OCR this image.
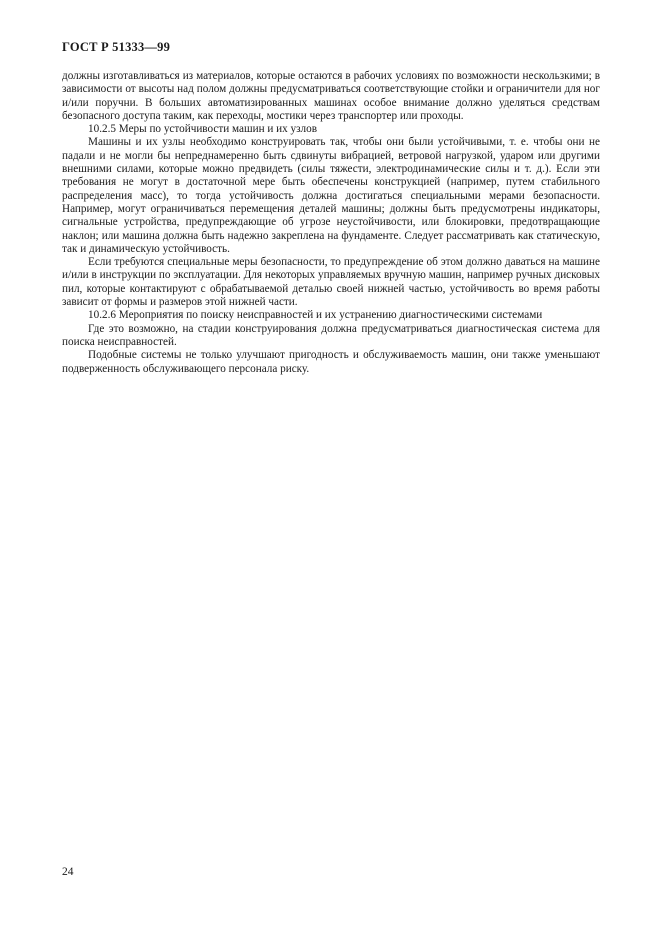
ГОСТ Р 51333—99

должны изготавливаться из материалов, которые остаются в рабочих условиях по возможности нескользкими; в зависимости от высоты над полом должны предусматриваться соответствующие стойки и ограничители для ног и/или поручни. В больших автоматизированных машинах особое внимание должно уделяться средствам безопасного доступа таким, как переходы, мостики через транспортер или проходы.

10.2.5 Меры по устойчивости машин и их узлов

Машины и их узлы необходимо конструировать так, чтобы они были устойчивыми, т. е. чтобы они не падали и не могли бы непреднамеренно быть сдвинуты вибрацией, ветровой нагрузкой, ударом или другими внешними силами, которые можно предвидеть (силы тяжести, электродинамические силы и т. д.). Если эти требования не могут в достаточной мере быть обеспечены конструкцией (например, путем стабильного распределения масс), то тогда устойчивость должна достигаться специальными мерами безопасности. Например, могут ограничиваться перемещения деталей машины; должны быть предусмотрены индикаторы, сигнальные устройства, предупреждающие об угрозе неустойчивости, или блокировки, предотвращающие наклон; или машина должна быть надежно закреплена на фундаменте. Следует рассматривать как статическую, так и динамическую устойчивость.

Если требуются специальные меры безопасности, то предупреждение об этом должно даваться на машине и/или в инструкции по эксплуатации. Для некоторых управляемых вручную машин, например ручных дисковых пил, которые контактируют с обрабатываемой деталью своей нижней частью, устойчивость во время работы зависит от формы и размеров этой нижней части.

10.2.6 Мероприятия по поиску неисправностей и их устранению диагностическими системами

Где это возможно, на стадии конструирования должна предусматриваться диагностическая система для поиска неисправностей.

Подобные системы не только улучшают пригодность и обслуживаемость машин, они также уменьшают подверженность обслуживающего персонала риску.

24
